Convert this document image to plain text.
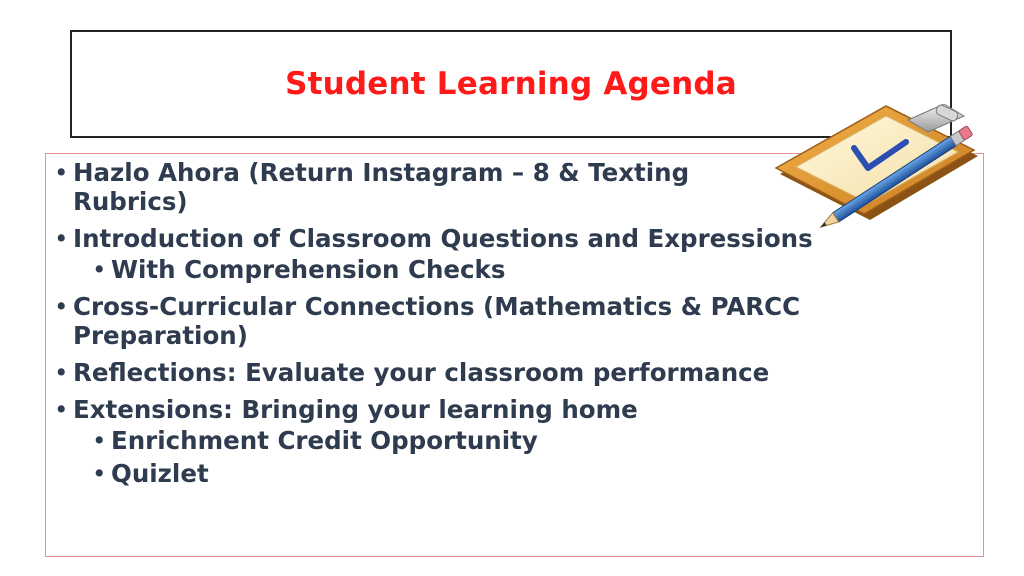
Student Learning Agenda
• Hazlo Ahora (Return Instagram – 8 & Texting Rubrics)
• Introduction of Classroom Questions and Expressions
• With Comprehension Checks
• Cross-Curricular Connections (Mathematics & PARCC Preparation)
• Reflections: Evaluate your classroom performance
• Extensions: Bringing your learning home
• Enrichment Credit Opportunity
• Quizlet
